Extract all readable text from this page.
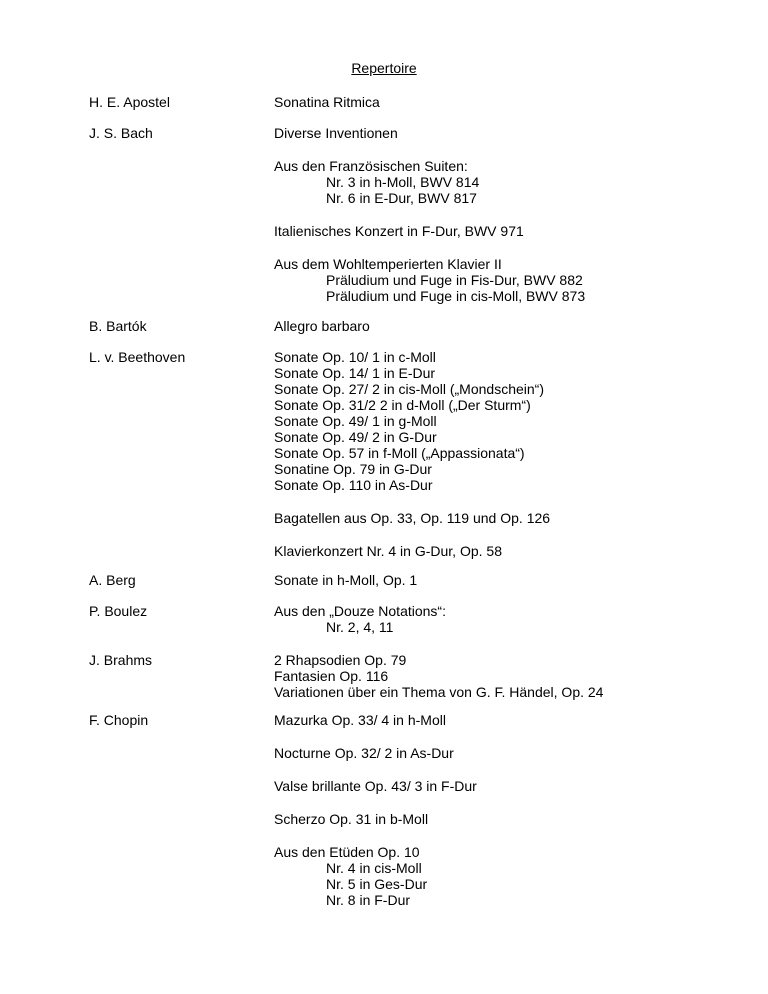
Repertoire
H. E. Apostel	Sonatina Ritmica
J. S. Bach	Diverse Inventionen
Aus den Französischen Suiten:
Nr. 3 in h-Moll, BWV 814
Nr. 6 in E-Dur, BWV 817
Italienisches Konzert in F-Dur, BWV 971
Aus dem Wohltemperierten Klavier II
Präludium und Fuge in Fis-Dur, BWV 882
Präludium und Fuge in cis-Moll, BWV 873
B. Bartók	Allegro barbaro
L. v. Beethoven	Sonate Op. 10/ 1 in c-Moll
Sonate Op. 14/ 1 in E-Dur
Sonate Op. 27/ 2 in cis-Moll („Mondschein“)
Sonate Op. 31/2 2 in d-Moll („Der Sturm“)
Sonate Op. 49/ 1 in g-Moll
Sonate Op. 49/ 2 in G-Dur
Sonate Op. 57 in f-Moll („Appassionata“)
Sonatine Op. 79 in G-Dur
Sonate Op. 110 in As-Dur
Bagatellen aus Op. 33, Op. 119 und Op. 126
Klavierkonzert Nr. 4 in G-Dur, Op. 58
A. Berg	Sonate in h-Moll, Op. 1
P. Boulez	Aus den „Douze Notations“:
Nr. 2, 4, 11
J. Brahms	2 Rhapsodien Op. 79
Fantasien Op. 116
Variationen über ein Thema von G. F. Händel, Op. 24
F. Chopin	Mazurka Op. 33/ 4 in h-Moll
Nocturne Op. 32/ 2 in As-Dur
Valse brillante Op. 43/ 3 in F-Dur
Scherzo Op. 31 in b-Moll
Aus den Etüden Op. 10
Nr. 4 in cis-Moll
Nr. 5 in Ges-Dur
Nr. 8 in F-Dur
